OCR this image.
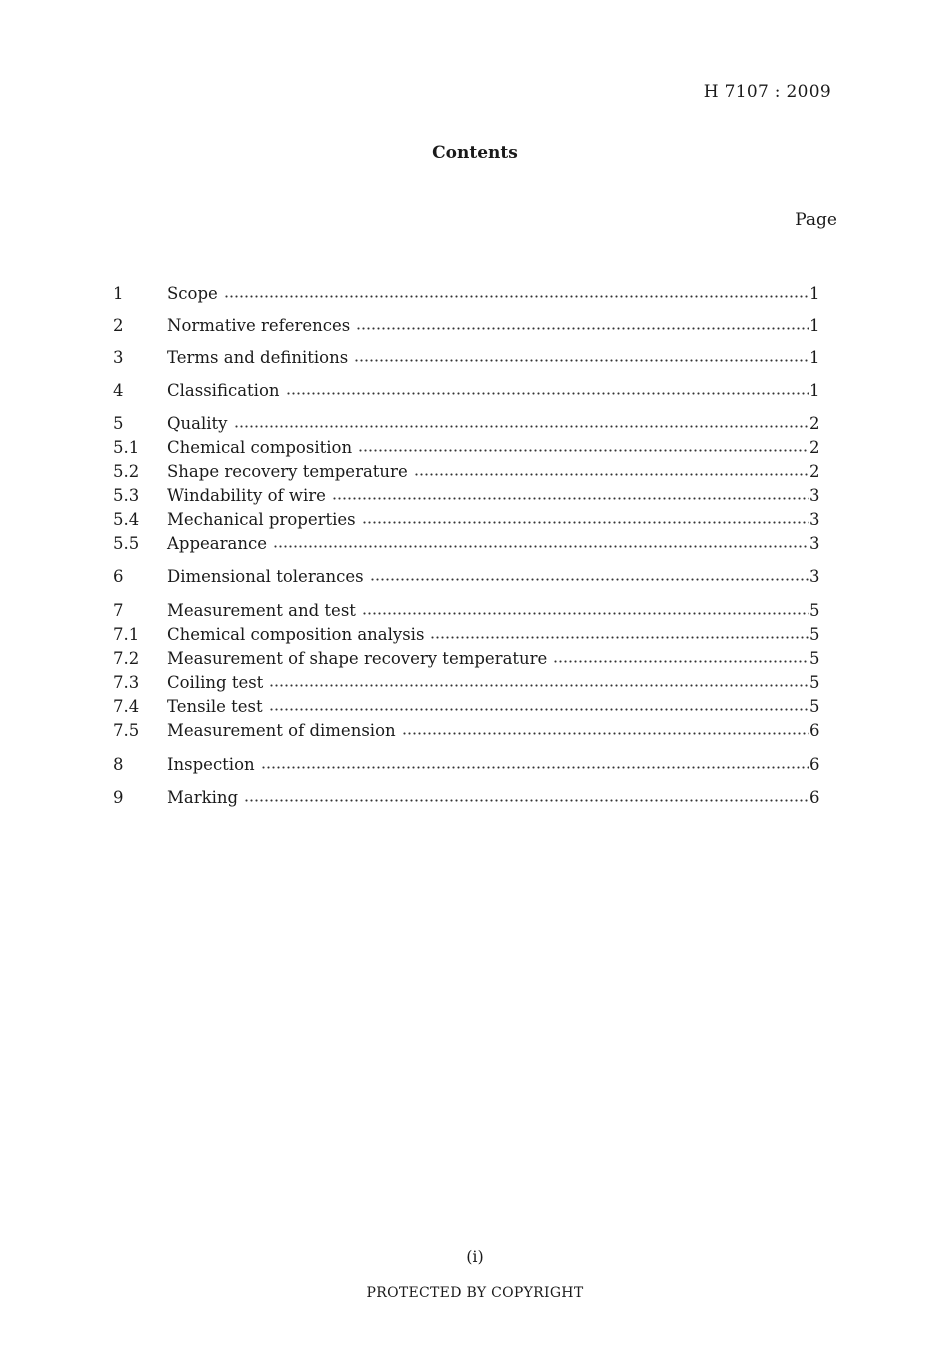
H 7107 : 2009
Contents
Page
1	Scope	1
2	Normative references	1
3	Terms and definitions	1
4	Classification	1
5	Quality	2
5.1	Chemical composition	2
5.2	Shape recovery temperature	2
5.3	Windability of wire	3
5.4	Mechanical properties	3
5.5	Appearance	3
6	Dimensional tolerances	3
7	Measurement and test	5
7.1	Chemical composition analysis	5
7.2	Measurement of shape recovery temperature	5
7.3	Coiling test	5
7.4	Tensile test	5
7.5	Measurement of dimension	6
8	Inspection	6
9	Marking	6
(i)
PROTECTED BY COPYRIGHT
